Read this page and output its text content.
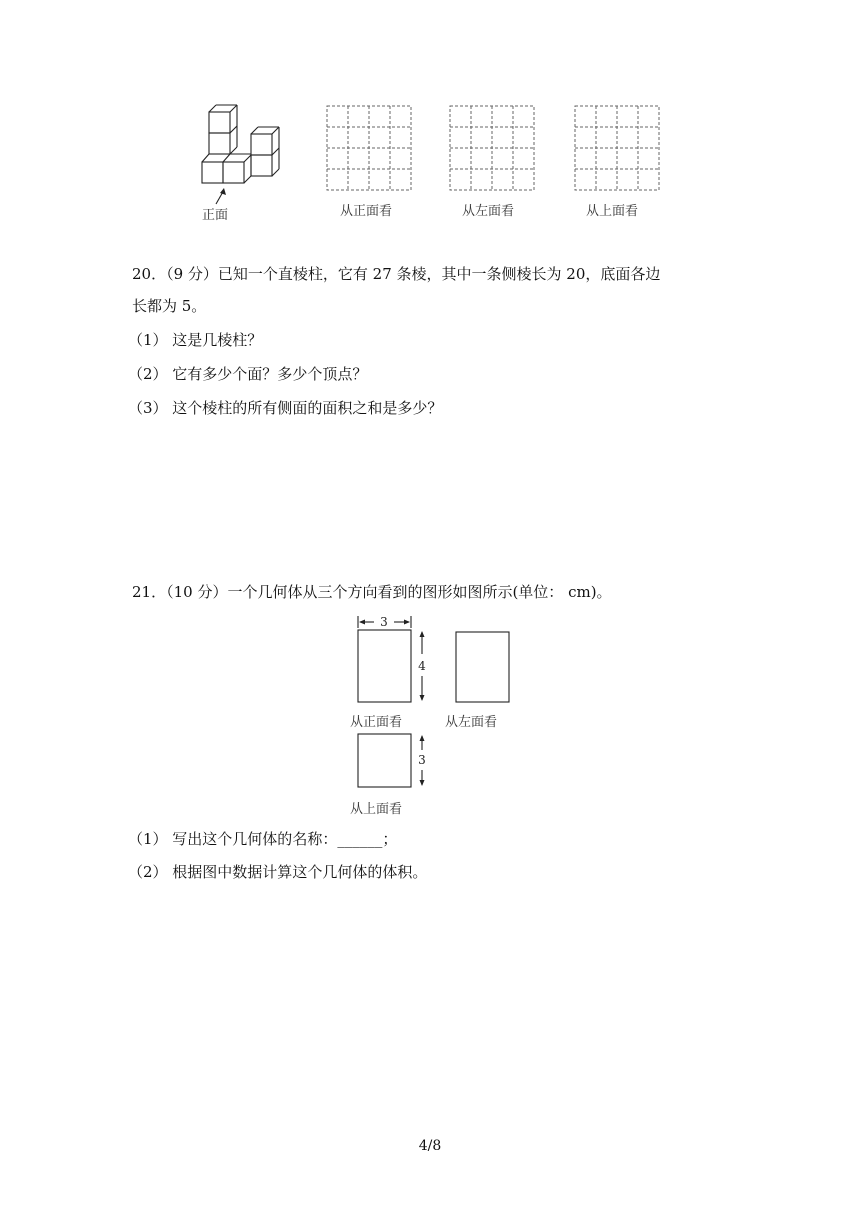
正面	从正面看	从左面看	从上面看
20．（9 分）已知一个直棱柱，它有 27 条棱，其中一条侧棱长为 20，底面各边
长都为 5。
（1） 这是几棱柱？
（2） 它有多少个面？多少个顶点？
（3） 这个棱柱的所有侧面的面积之和是多少？
21．（10 分）一个几何体从三个方向看到的图形如图所示(单位： cm)。
3
4
从正面看	从左面看
3
从上面看
（1） 写出这个几何体的名称：______；
（2） 根据图中数据计算这个几何体的体积。
4/8
